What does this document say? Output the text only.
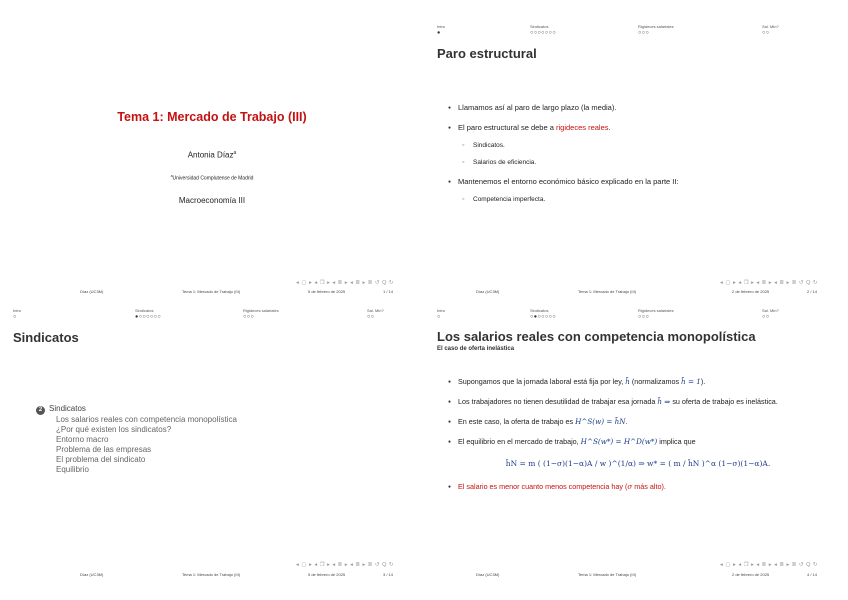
Tema 1: Mercado de Trabajo (III)
Antonia Díaz$^a$
$^a$Universidad Complutense de Madrid
Macroeconomía III
◂ ▢ ▸ ◂ ❐ ▸ ◂ ≣ ▸ ◂ ≣ ▸ ≣ ↺ Q ↻
Díaz (UC3M)	Tema 1: Mercado de Trabajo (III)	5 de febrero de 2025	1 / 14
Intro
●
Sindicatos
○○○○○○○
Rigideces salariales
○○○
Sal. Min?
○○
Paro estructural
● Llamamos así al paro de largo plazo (la media).
● El paro estructural se debe a rigideces reales.
◦ Sindicatos.
◦ Salarios de eficiencia.
● Mantenemos el entorno económico básico explicado en la parte II:
◦ Competencia imperfecta.
◂ ▢ ▸ ◂ ❐ ▸ ◂ ≣ ▸ ◂ ≣ ▸ ≣ ↺ Q ↻
Díaz (UC3M)	Tema 1: Mercado de Trabajo (III)	2 de febrero de 2025	2 / 14
Intro
○
Sindicatos
●○○○○○○
Rigideces salariales
○○○
Sal. Min?
○○
Sindicatos
2 Sindicatos
Los salarios reales con competencia monopolística
¿Por qué existen los sindicatos?
Entorno macro
Problema de las empresas
El problema del sindicato
Equilibrio
◂ ▢ ▸ ◂ ❐ ▸ ◂ ≣ ▸ ◂ ≣ ▸ ≣ ↺ Q ↻
Díaz (UC3M)	Tema 1: Mercado de Trabajo (III)	5 de febrero de 2025	3 / 14
Intro
○
Sindicatos
○●○○○○○
Rigideces salariales
○○○
Sal. Min?
○○
Los salarios reales con competencia monopolística
El caso de oferta inelástica
● Supongamos que la jornada laboral está fija por ley, h̄ (normalizamos h̄ = 1).
● Los trabajadores no tienen desutilidad de trabajar esa jornada h̄ ⇒ su oferta de trabajo es inelástica.
● En este caso, la oferta de trabajo es H^S(w) = h̄N.
● El equilibrio en el mercado de trabajo, H^S(w*) = H^D(w*) implica que
h̄N = m ( (1−σ)(1−α)A / w )^(1/α) ⇒ w* = ( m / h̄N )^α (1−σ)(1−α)A.
● El salario es menor cuanto menos competencia hay (σ más alto).
◂ ▢ ▸ ◂ ❐ ▸ ◂ ≣ ▸ ◂ ≣ ▸ ≣ ↺ Q ↻
Díaz (UC3M)	Tema 1: Mercado de Trabajo (III)	2 de febrero de 2025	4 / 14
